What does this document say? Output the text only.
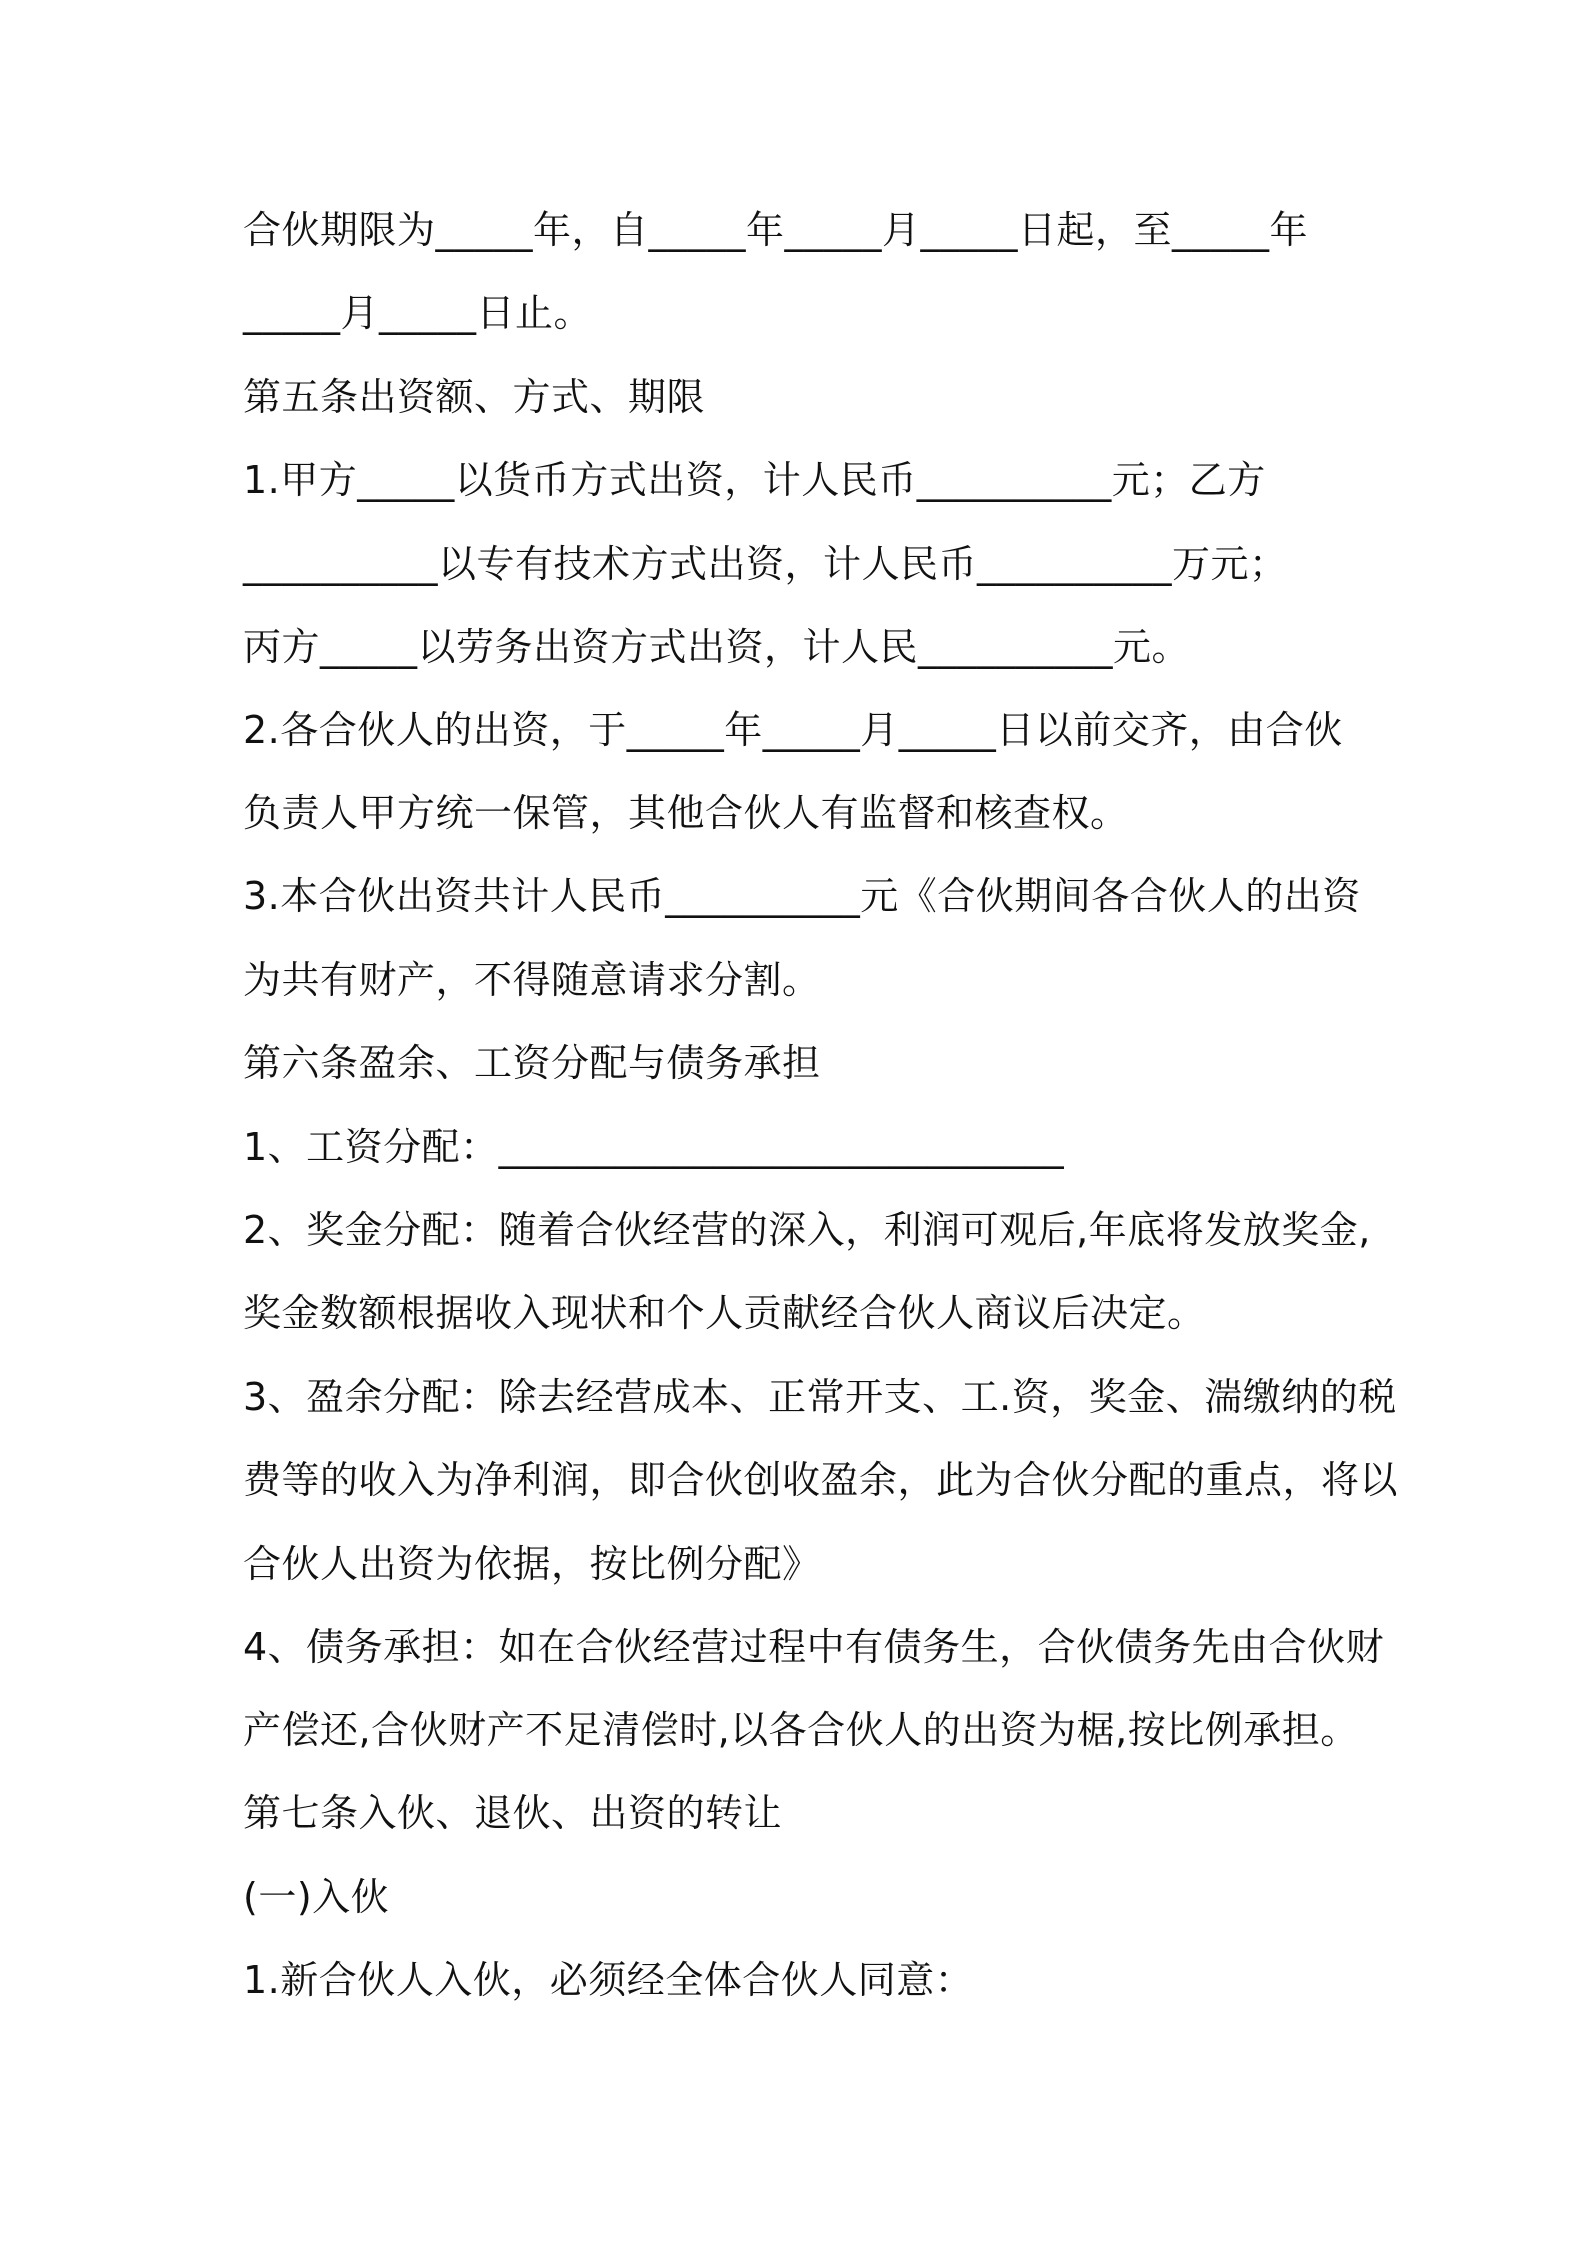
合伙期限为_____年，自_____年_____月_____日起，至_____年
_____月_____日止。
第五条出资额、方式、期限
1.甲方_____以货币方式出资，计人民币__________元；乙方
__________以专有技术方式出资，计人民币__________万元；
丙方_____以劳务出资方式出资，计人民__________元。
2.各合伙人的出资，于_____年_____月_____日以前交齐，由合伙
负责人甲方统一保管，其他合伙人有监督和核查权。
3.本合伙出资共计人民币__________元《合伙期间各合伙人的出资
为共有财产，不得随意请求分割。
第六条盈余、工资分配与债务承担
1、工资分配：_____________________________
2、奖金分配：随着合伙经营的深入，利润可观后,年底将发放奖金,
奖金数额根据收入现状和个人贡献经合伙人商议后决定。
3、盈余分配：除去经营成本、正常开支、工.资，奖金、湍缴纳的税
费等的收入为净利润，即合伙创收盈余，此为合伙分配的重点，将以
合伙人出资为依据，按比例分配》
4、债务承担：如在合伙经营过程中有债务生，合伙债务先由合伙财
产偿还,合伙财产不足清偿时,以各合伙人的出资为椐,按比例承担。
第七条入伙、退伙、出资的转让
(一)入伙
1.新合伙人入伙，必须经全体合伙人同意：
